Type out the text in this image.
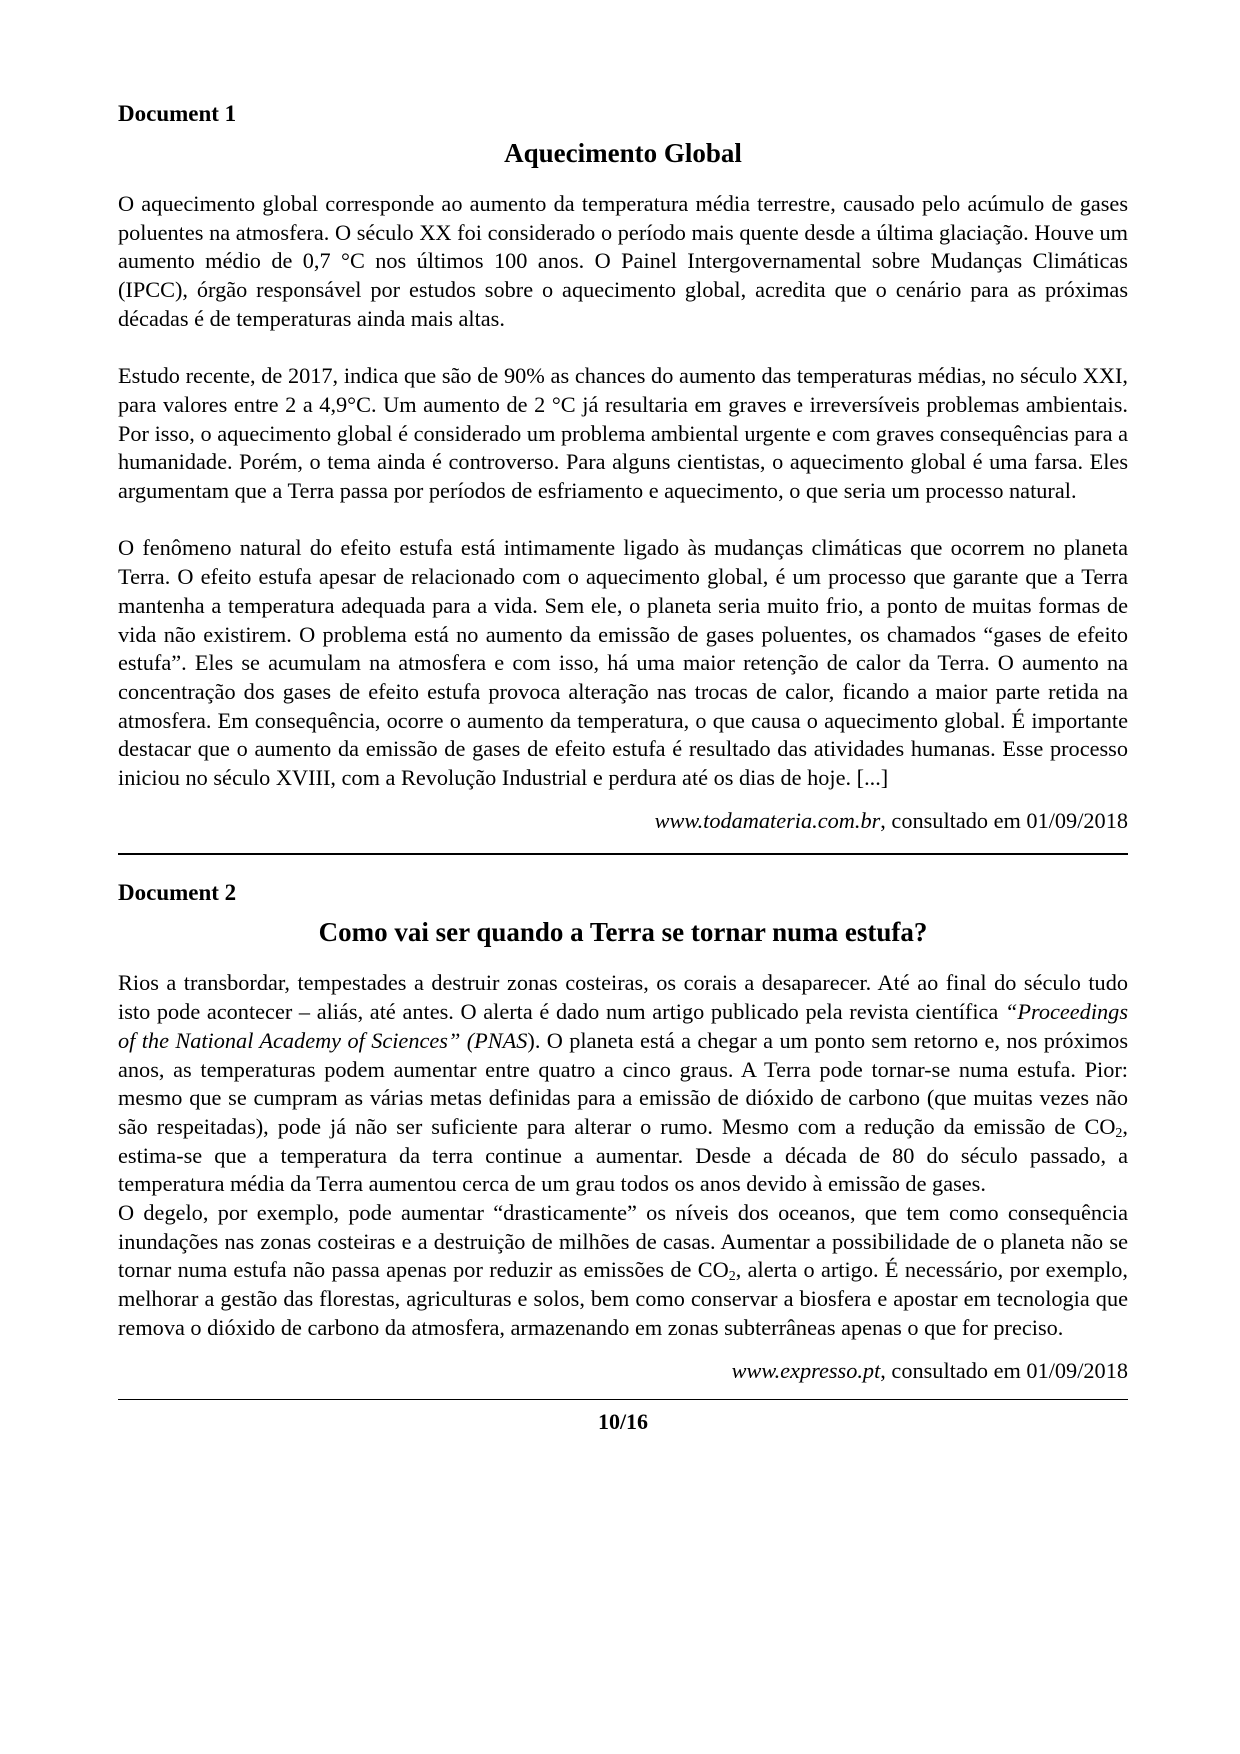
Document 1

Aquecimento Global

O aquecimento global corresponde ao aumento da temperatura média terrestre, causado pelo acúmulo de gases poluentes na atmosfera. O século XX foi considerado o período mais quente desde a última glaciação. Houve um aumento médio de 0,7 °C nos últimos 100 anos. O Painel Intergovernamental sobre Mudanças Climáticas (IPCC), órgão responsável por estudos sobre o aquecimento global, acredita que o cenário para as próximas décadas é de temperaturas ainda mais altas.

Estudo recente, de 2017, indica que são de 90% as chances do aumento das temperaturas médias, no século XXI, para valores entre 2 a 4,9°C. Um aumento de 2 °C já resultaria em graves e irreversíveis problemas ambientais. Por isso, o aquecimento global é considerado um problema ambiental urgente e com graves consequências para a humanidade. Porém, o tema ainda é controverso. Para alguns cientistas, o aquecimento global é uma farsa. Eles argumentam que a Terra passa por períodos de esfriamento e aquecimento, o que seria um processo natural.

O fenômeno natural do efeito estufa está intimamente ligado às mudanças climáticas que ocorrem no planeta Terra. O efeito estufa apesar de relacionado com o aquecimento global, é um processo que garante que a Terra mantenha a temperatura adequada para a vida. Sem ele, o planeta seria muito frio, a ponto de muitas formas de vida não existirem. O problema está no aumento da emissão de gases poluentes, os chamados “gases de efeito estufa”. Eles se acumulam na atmosfera e com isso, há uma maior retenção de calor da Terra. O aumento na concentração dos gases de efeito estufa provoca alteração nas trocas de calor, ficando a maior parte retida na atmosfera. Em consequência, ocorre o aumento da temperatura, o que causa o aquecimento global. É importante destacar que o aumento da emissão de gases de efeito estufa é resultado das atividades humanas. Esse processo iniciou no século XVIII, com a Revolução Industrial e perdura até os dias de hoje. [...]

www.todamateria.com.br, consultado em 01/09/2018

Document 2

Como vai ser quando a Terra se tornar numa estufa?

Rios a transbordar, tempestades a destruir zonas costeiras, os corais a desaparecer. Até ao final do século tudo isto pode acontecer – aliás, até antes. O alerta é dado num artigo publicado pela revista científica “Proceedings of the National Academy of Sciences” (PNAS). O planeta está a chegar a um ponto sem retorno e, nos próximos anos, as temperaturas podem aumentar entre quatro a cinco graus. A Terra pode tornar-se numa estufa. Pior: mesmo que se cumpram as várias metas definidas para a emissão de dióxido de carbono (que muitas vezes não são respeitadas), pode já não ser suficiente para alterar o rumo. Mesmo com a redução da emissão de $CO_2$, estima-se que a temperatura da terra continue a aumentar. Desde a década de 80 do século passado, a temperatura média da Terra aumentou cerca de um grau todos os anos devido à emissão de gases.

O degelo, por exemplo, pode aumentar “drasticamente” os níveis dos oceanos, que tem como consequência inundações nas zonas costeiras e a destruição de milhões de casas. Aumentar a possibilidade de o planeta não se tornar numa estufa não passa apenas por reduzir as emissões de $CO_2$, alerta o artigo. É necessário, por exemplo, melhorar a gestão das florestas, agriculturas e solos, bem como conservar a biosfera e apostar em tecnologia que remova o dióxido de carbono da atmosfera, armazenando em zonas subterrâneas apenas o que for preciso.

www.expresso.pt, consultado em 01/09/2018
10/16
